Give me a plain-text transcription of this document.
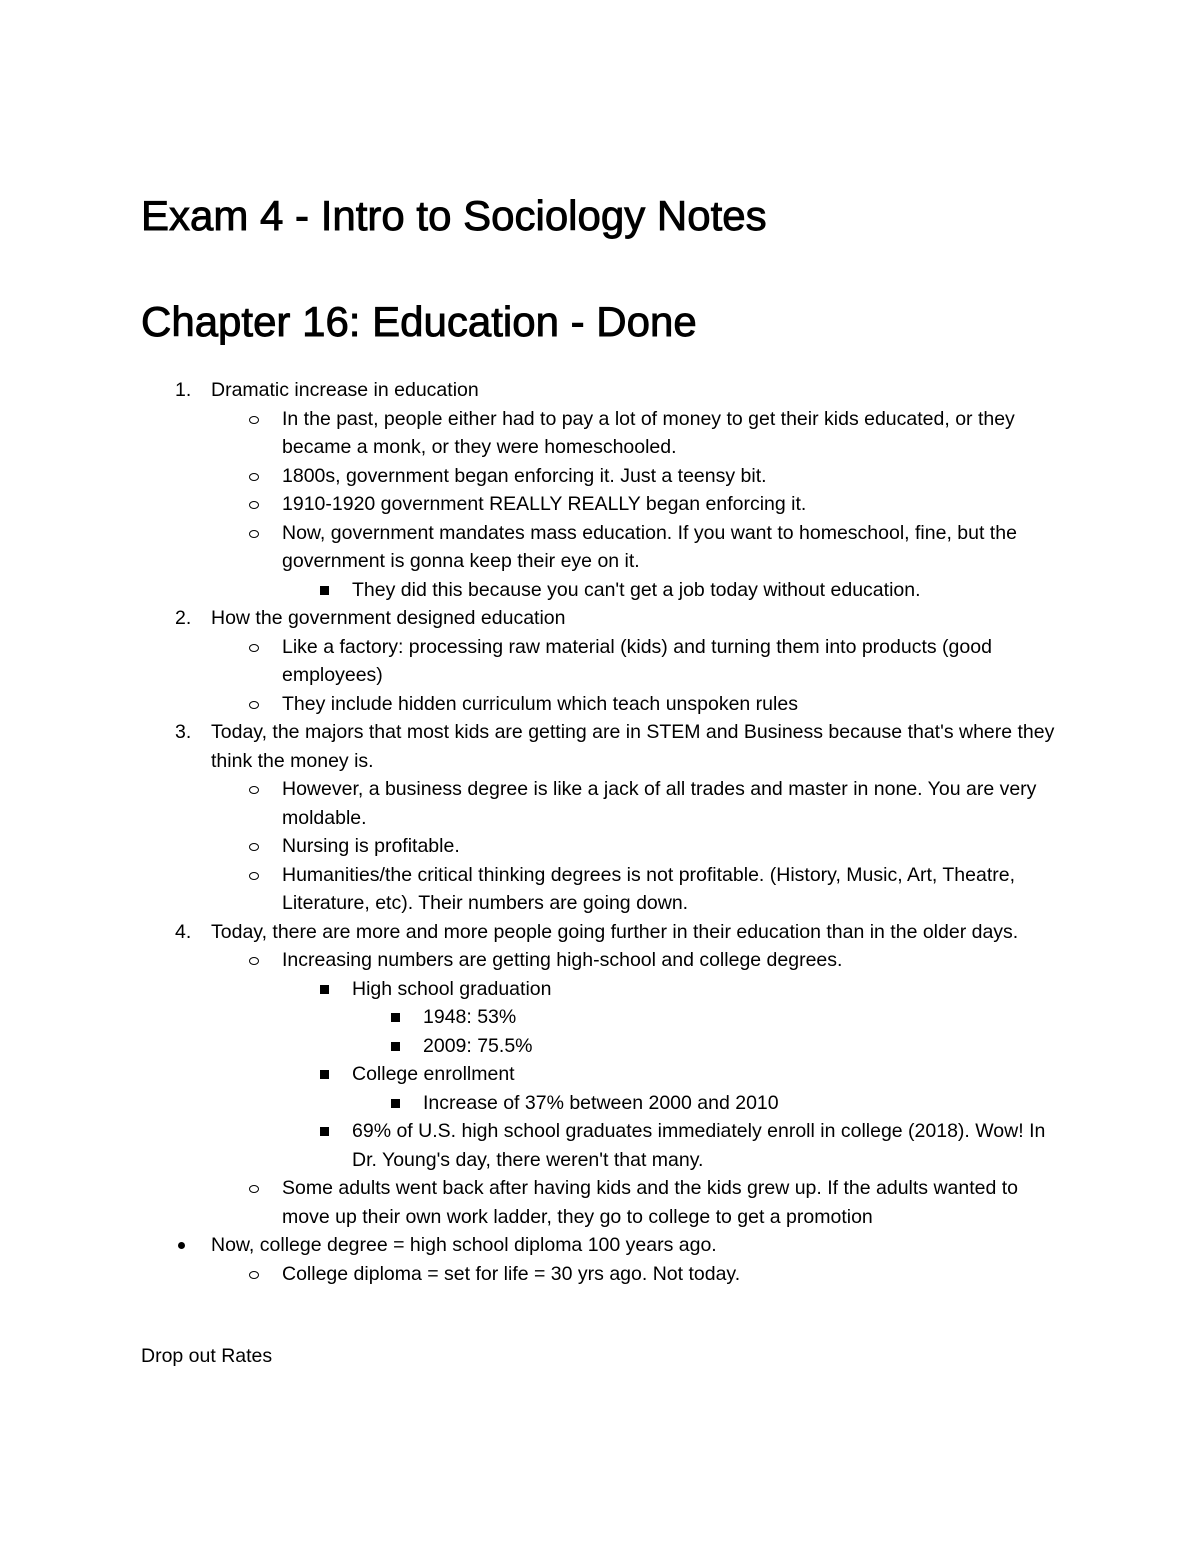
Exam 4 - Intro to Sociology Notes
Chapter 16: Education - Done
1. Dramatic increase in education
In the past, people either had to pay a lot of money to get their kids educated, or they became a monk, or they were homeschooled.
1800s, government began enforcing it. Just a teensy bit.
1910-1920 government REALLY REALLY began enforcing it.
Now, government mandates mass education. If you want to homeschool, fine, but the government is gonna keep their eye on it.
They did this because you can't get a job today without education.
2. How the government designed education
Like a factory: processing raw material (kids) and turning them into products (good employees)
They include hidden curriculum which teach unspoken rules
3. Today, the majors that most kids are getting are in STEM and Business because that's where they think the money is.
However, a business degree is like a jack of all trades and master in none. You are very moldable.
Nursing is profitable.
Humanities/the critical thinking degrees is not profitable. (History, Music, Art, Theatre, Literature, etc). Their numbers are going down.
4. Today, there are more and more people going further in their education than in the older days.
Increasing numbers are getting high-school and college degrees.
High school graduation
1948: 53%
2009: 75.5%
College enrollment
Increase of 37% between 2000 and 2010
69% of U.S. high school graduates immediately enroll in college (2018). Wow! In Dr. Young's day, there weren't that many.
Some adults went back after having kids and the kids grew up. If the adults wanted to move up their own work ladder, they go to college to get a promotion
Now, college degree = high school diploma 100 years ago.
College diploma = set for life = 30 yrs ago. Not today.
Drop out Rates
